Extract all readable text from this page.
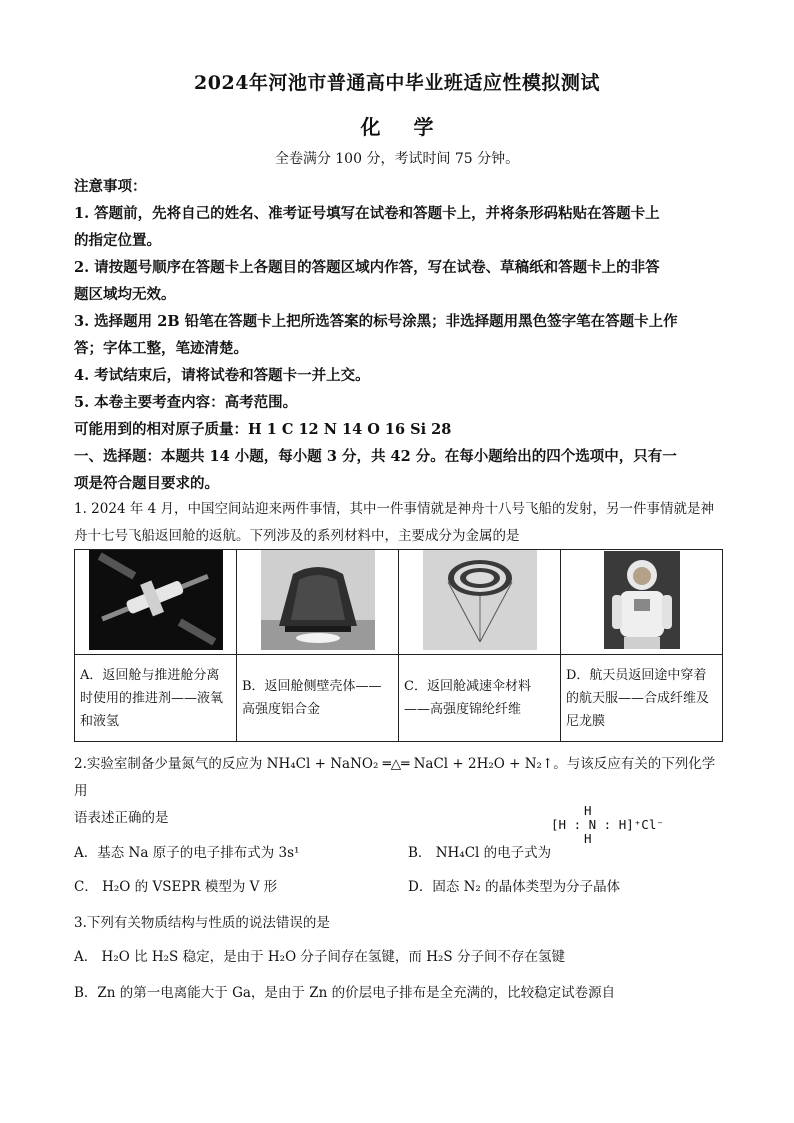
2024年河池市普通高中毕业班适应性模拟测试
化 学
全卷满分 100 分，考试时间 75 分钟。
注意事项：
1. 答题前，先将自己的姓名、准考证号填写在试卷和答题卡上，并将条形码粘贴在答题卡上
的指定位置。
2. 请按题号顺序在答题卡上各题目的答题区域内作答，写在试卷、草稿纸和答题卡上的非答
题区域均无效。
3. 选择题用 2B 铅笔在答题卡上把所选答案的标号涂黑；非选择题用黑色签字笔在答题卡上作
答；字体工整，笔迹清楚。
4. 考试结束后，请将试卷和答题卡一并上交。
5. 本卷主要考查内容：高考范围。
可能用到的相对原子质量：H 1 C 12 N 14 O 16 Si 28
一、选择题：本题共 14 小题，每小题 3 分，共 42 分。在每小题给出的四个选项中，只有一
项是符合题目要求的。
1. 2024 年 4 月，中国空间站迎来两件事情，其中一件事情就是神舟十八号飞船的发射，另一件事情就是神
舟十七号飞船返回舱的返航。下列涉及的系列材料中，主要成分为金属的是

A．返回舱与推进舱分离时使用的推进剂——液氧和液氢	B．返回舱侧壁壳体——高强度铝合金	C．返回舱减速伞材料——高强度锦纶纤维	D．航天员返回途中穿着的航天服——合成纤维及尼龙膜
2.实验室制备少量氮气的反应为 NH₄Cl + NaNO₂ ═△═ NaCl + 2H₂O + N₂↑。与该反应有关的下列化学用
语表述正确的是	H
[H : N : H]⁺Cl⁻
H
A．基态 Na 原子的电子排布式为 3s¹	B． NH₄Cl 的电子式为
C． H₂O 的 VSEPR 模型为 V 形	D．固态 N₂ 的晶体类型为分子晶体
3.下列有关物质结构与性质的说法错误的是
A． H₂O 比 H₂S 稳定，是由于 H₂O 分子间存在氢键，而 H₂S 分子间不存在氢键
B．Zn 的第一电离能大于 Ga，是由于 Zn 的价层电子排布是全充满的，比较稳定试卷源自
